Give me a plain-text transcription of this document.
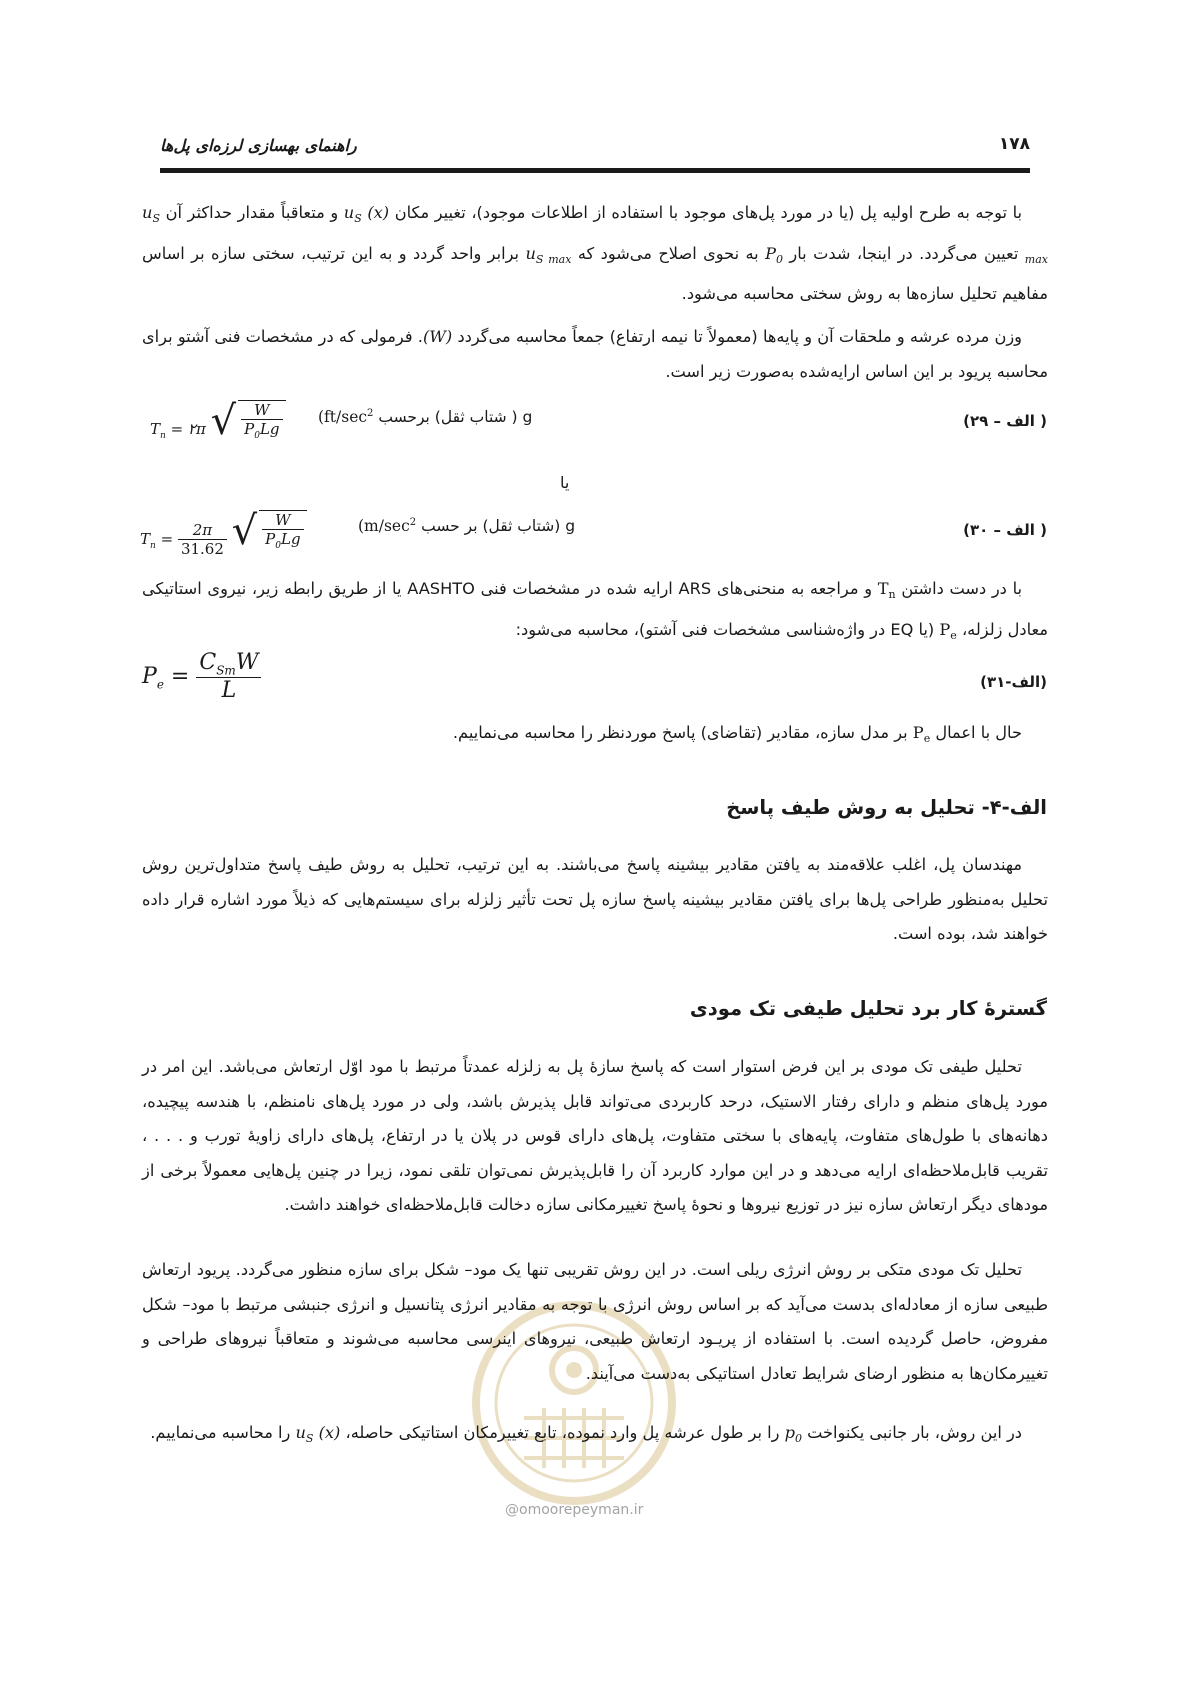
۱۷۸
راهنمای بهسازی لرزه‌ای پل‌ها
با توجه به طرح اولیه پل (یا در مورد پل‌های موجود با استفاده از اطلاعات موجود)، تغییر مکان $u_S$ (x) و متعاقباً مقدار حداکثر آن $u_{S max}$ تعیین می‌گردد. در اینجا، شدت بار $P_0$ به نحوی اصلاح می‌شود که $u_{S max}$ برابر واحد گردد و به این ترتیب، سختی سازه بر اساس مفاهیم تحلیل سازه‌ها به روش سختی محاسبه می‌شود.
وزن مرده عرشه و ملحقات آن و پایه‌ها (معمولاً تا نیمه ارتفاع) جمعاً محاسبه می‌گردد (W). فرمولی که در مشخصات فنی آشتو برای محاسبه پریود بر این اساس ارایه‌شده به‌صورت زیر است.
$T_n$ = ۲π √ $\frac{W}{P_0Lg}$	g ( شتاب ثقل) برحسب ($ft/\sec^2$	( الف – ۲۹)
یا
$T_n = \frac{2\pi}{31.62}$
√ $\frac{W}{P_0Lg}$	g (شتاب ثقل) بر حسب ($m/\sec^2$	( الف – ۳۰)
با در دست داشتن $T_n$ و مراجعه به منحنی‌های ARS ارایه شده در مشخصات فنی AASHTO یا از طریق رابطه زیر، نیروی استاتیکی معادل زلزله، $P_e$ (یا EQ در واژه‌شناسی مشخصات فنی آشتو)، محاسبه می‌شود:
$P_e = \frac{C_{Sm}W}{L}$	(الف-۳۱)
حال با اعمال $P_e$ بر مدل سازه، مقادیر (تقاضای) پاسخ موردنظر را محاسبه می‌نماییم.
الف-۴- تحلیل به روش طیف پاسخ
مهندسان پل، اغلب علاقه‌مند به یافتن مقادیر بیشینه پاسخ می‌باشند. به این ترتیب، تحلیل به روش طیف پاسخ متداول‌ترین روش تحلیل به‌منظور طراحی پل‌ها برای یافتن مقادیر بیشینه پاسخ سازه پل تحت تأثیر زلزله برای سیستم‌هایی که ذیلاً مورد اشاره قرار داده خواهند شد، بوده است.
گسترهٔ کار برد تحلیل طیفی تک مودی
تحلیل طیفی تک مودی بر این فرض استوار است که پاسخ سازهٔ پل به زلزله عمدتاً مرتبط با مود اوّل ارتعاش می‌باشد. این امر در مورد پل‌های منظم و دارای رفتار الاستیک، درحد کاربردی می‌تواند قابل پذیرش باشد، ولی در مورد پل‌های نامنظم، با هندسه پیچیده، دهانه‌های با طول‌های متفاوت، پایه‌های با سختی متفاوت، پل‌های دارای قوس در پلان یا در ارتفاع، پل‌های دارای زاویهٔ تورب و . . . ، تقریب قابل‌ملاحظه‌ای ارایه می‌دهد و در این موارد کاربرد آن را قابل‌پذیرش نمی‌توان تلقی نمود، زیرا در چنین پل‌هایی معمولاً برخی از مودهای دیگر ارتعاش سازه نیز در توزیع نیروها و نحوهٔ پاسخ تغییرمکانی سازه دخالت قابل‌ملاحظه‌ای خواهند داشت.
تحلیل تک مودی متکی بر روش انرژی ریلی است. در این روش تقریبی تنها یک مود– شکل برای سازه منظور می‌گردد. پریود ارتعاش طبیعی سازه از معادله‌ای بدست می‌آید که بر اساس روش انرژی با توجه به مقادیر انرژی پتانسیل و انرژی جنبشی مرتبط با مود– شکل مفروض، حاصل گردیده است. با استفاده از پریـود ارتعاش طبیعی، نیروهای اینرسی محاسبه می‌شوند و متعاقباً نیروهای طراحی و تغییرمکان‌ها به منظور ارضای شرایط تعادل استاتیکی به‌دست می‌آیند.
در این روش، بار جانبی یکنواخت $p_0$ را بر طول عرشه پل وارد نموده، تابع تغییرمکان استاتیکی حاصله، $u_S$ (x) را محاسبه می‌نماییم.
@omoorepeyman.ir
